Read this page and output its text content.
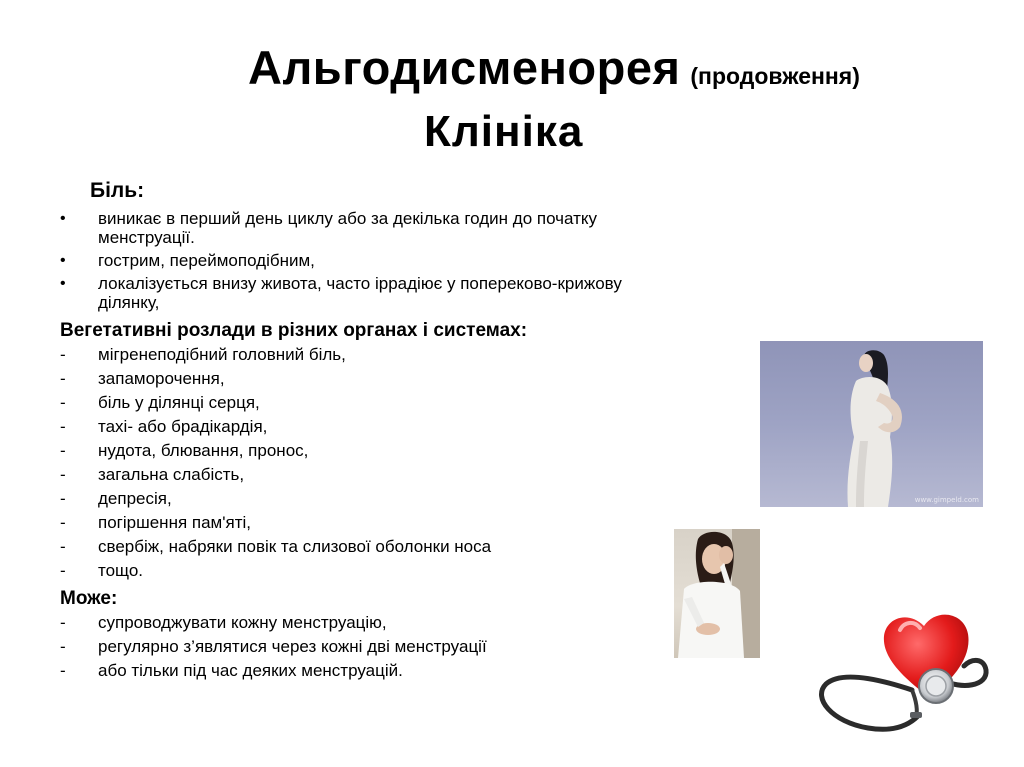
Альгодисменорея (продовження)
Клініка
Біль:
•	виникає в перший день циклу або за декілька годин до початку менструації.
•	гострим, переймоподібним,
•	локалізується внизу живота, часто іррадіює у попереково-крижову ділянку,
Вегетативні розлади в різних органах і системах:
-	мігренеподібний головний біль,
-	запаморочення,
-	біль у ділянці серця,
-	тахі- або брадікардія,
-	нудота, блювання, пронос,
-	загальна слабість,
-	депресія,
-	погіршення пам'яті,
-	свербіж, набряки повік та слизової оболонки носа
-	тощо.
Може:
-	супроводжувати кожну менструацію,
-	регулярно з’являтися через кожні дві менструації
-	або тільки під час деяких менструацій.
www.gimpeld.com
